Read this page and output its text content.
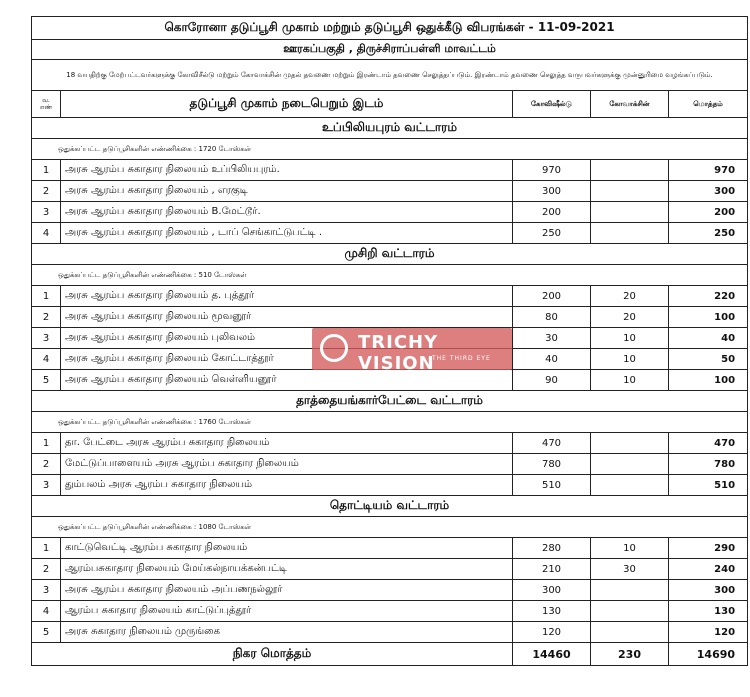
கொரோனா தடுப்பூசி முகாம் மற்றும் தடுப்பூசி ஒதுக்கீடு விபரங்கள் - 11-09-2021				
ஊரகப்பகுதி , திருச்சிராப்பள்ளி மாவட்டம்				
18 வயதிற்கு மேற்பட்டவர்களுக்கு கோவிசீல்டு மற்றும் கோவாக்சின் முதல் தவணை மற்றும் இரண்டாம் தவணை செலுத்தப்படும். இரண்டாம் தவணை செலுத்த வருபவர்களுக்கு முன்னுரிமை வழங்கப்படும்.				
வ. எண்	தடுப்பூசி முகாம் நடைபெறும் இடம்	கோவிஷீல்டு	கோவாக்சின்	மொத்தம்
உப்பிலியபுரம் வட்டாரம்				
ஒதுக்கப்பட்ட தடுப்பூசிகளின் எண்ணிக்கை : 1720 டோஸ்கள்				
1	அரசு ஆரம்ப சுகாதார நிலையம் உப்பிலியபுரம்.	970		970
2	அரசு ஆரம்ப சுகாதார நிலையம் , எரகுடி	300		300
3	அரசு ஆரம்ப சுகாதார நிலையம் B.மேட்டூர்.	200		200
4	அரசு ஆரம்ப சுகாதார நிலையம் , டாப் செங்காட்டுபட்டி .	250		250
முசிறி வட்டாரம்				
ஒதுக்கப்பட்ட தடுப்பூசிகளின் எண்ணிக்கை : 510 டோஸ்கள்				
1	அரசு ஆரம்ப சுகாதார நிலையம் த. புத்தூர்	200	20	220
2	அரசு ஆரம்ப சுகாதார நிலையம் மூவனூர்	80	20	100
3	அரசு ஆரம்ப சுகாதார நிலையம் புலிவலம்	30	10	40
4	அரசு ஆரம்ப சுகாதார நிலையம் கோட்டாத்தூர்	40	10	50
5	அரசு ஆரம்ப சுகாதார நிலையம் வெள்ளியனூர்	90	10	100
தாத்தையங்கார்பேட்டை வட்டாரம்				
ஒதுக்கப்பட்ட தடுப்பூசிகளின் எண்ணிக்கை : 1760 டோஸ்கள்				
1	தா. பேட்டை அரசு ஆரம்ப சுகாதார நிலையம்	470		470
2	மேட்டுப்பாளையம் அரசு ஆரம்ப சுகாதார நிலையம்	780		780
3	தும்பலம் அரசு ஆரம்ப சுகாதார நிலையம்	510		510
தொட்டியம் வட்டாரம்				
ஒதுக்கப்பட்ட தடுப்பூசிகளின் எண்ணிக்கை : 1080 டோஸ்கள்				
1	காட்டுவெட்டி ஆரம்ப சுகாதார நிலையம்	280	10	290
2	ஆரம்பசுகாதார நிலையம் மேய்கல்நாயக்கன்பட்டி	210	30	240
3	அரசு ஆரம்ப சுகாதார நிலையம் அப்பணநல்லூர்	300		300
4	ஆரம்ப சுகாதார நிலையம் காட்டுப்புத்தூர்	130		130
5	அரசு சுகாதார நிலையம் முருங்கை	120		120
நிகர மொத்தம்		14460	230	14690
TRICHY VISION
THE THIRD EYE
